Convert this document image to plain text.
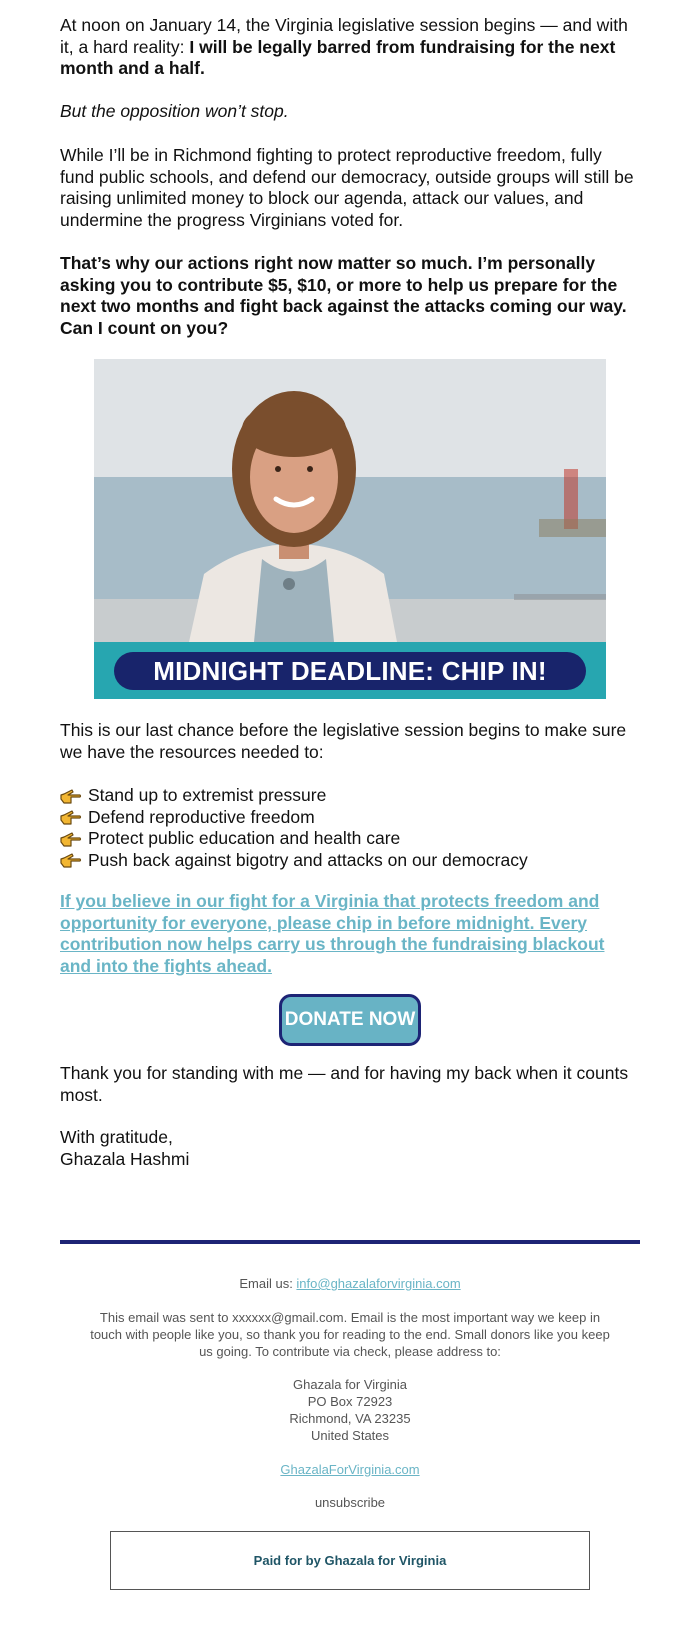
At noon on January 14, the Virginia legislative session begins — and with it, a hard reality: I will be legally barred from fundraising for the next month and a half.

But the opposition won’t stop.

While I’ll be in Richmond fighting to protect reproductive freedom, fully fund public schools, and defend our democracy, outside groups will still be raising unlimited money to block our agenda, attack our values, and undermine the progress Virginians voted for.

That’s why our actions right now matter so much. I’m personally asking you to contribute $5, $10, or more to help us prepare for the next two months and fight back against the attacks coming our way. Can I count on you?

MIDNIGHT DEADLINE: CHIP IN!

This is our last chance before the legislative session begins to make sure we have the resources needed to:

Stand up to extremist pressure
Defend reproductive freedom
Protect public education and health care
Push back against bigotry and attacks on our democracy
If you believe in our fight for a Virginia that protects freedom and opportunity for everyone, please chip in before midnight. Every contribution now helps carry us through the fundraising blackout and into the fights ahead.
DONATE NOW

Thank you for standing with me — and for having my back when it counts most.

With gratitude,
Ghazala Hashmi

Email us: info@ghazalaforvirginia.com
This email was sent to xxxxxx@gmail.com. Email is the most important way we keep in touch with people like you, so thank you for reading to the end. Small donors like you keep us going. To contribute via check, please address to:
Ghazala for Virginia
PO Box 72923
Richmond, VA 23235
United States
GhazalaForVirginia.com
unsubscribe
Paid for by Ghazala for Virginia
